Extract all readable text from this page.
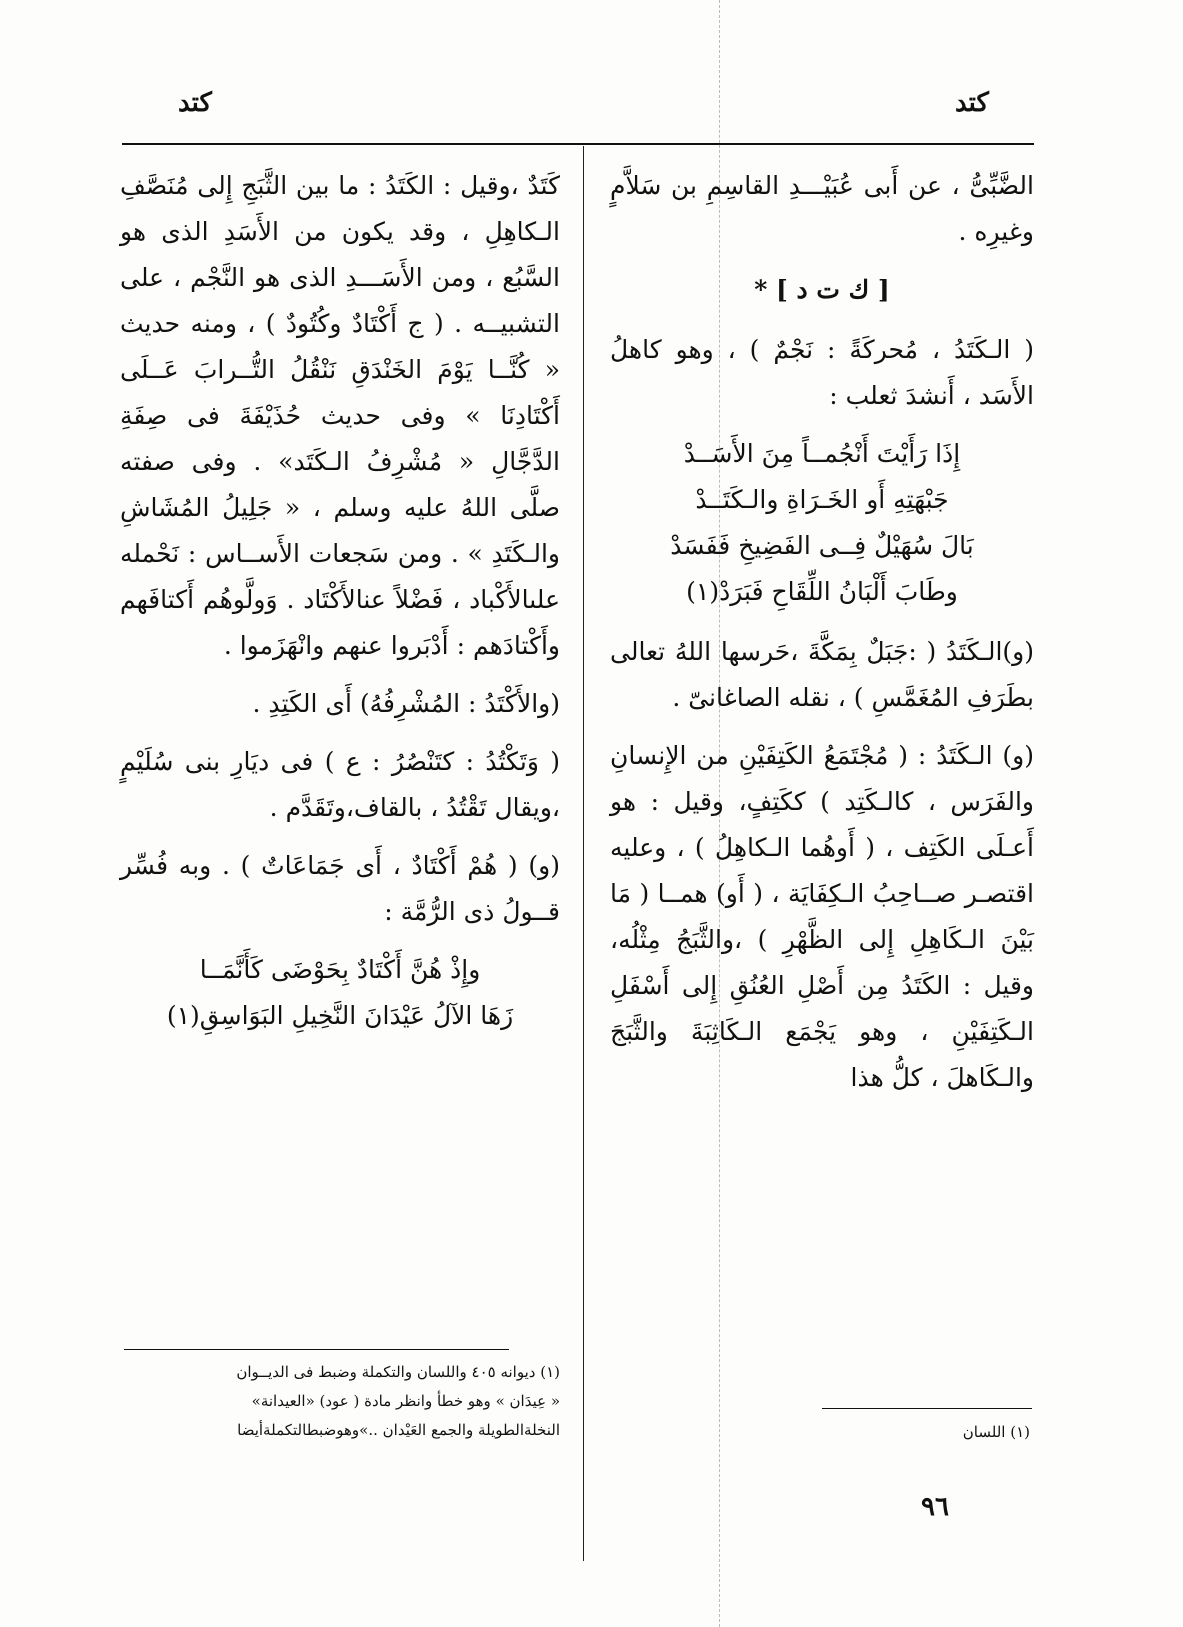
كتد
كتد

الضَّبِّىُّ ، عن أَبى عُبَيْـــدِ القاسِمِ بن سَلاَّمٍ وغيرِه .

[ ك ت د ] *

( الـكَتَدُ ، مُحركَةً : نَجْمٌ ) ، وهو كاهلُ الأَسَد ، أَنشدَ ثعلب :

إِذَا رَأَيْتَ أَنْجُمــاً مِنَ الأَسَــدْ

جَبْهَتِهِ أَو الخَـرَاةِ والـكَتَــدْ

بَالَ سُهَيْلٌ فِــى الفَضِيخِ فَفَسَدْ

وطَابَ أَلْبَانُ اللِّقَاحِ فَبَرَدْ(١)

(و)الـكَتَدُ ( :جَبَلٌ بِمَكَّةَ ،حَرسها اللهُ تعالى بطَرَفِ المُغَمَّسِ ) ، نقله الصاغانىّ .

(و) الـكَتَدُ : ( مُجْتَمَعُ الكَتِفَيْنِ من الإِنسانِ والفَرَس ، كالـكَتِد ) ككَتِفٍ، وقيل : هو أَعـلَى الكَتِف ، ( أَوهُما الـكاهِلُ ) ، وعليه اقتصـر صــاحِبُ الـكِفَايَة ، ( أَو) همــا ( مَا بَيْنَ الـكَاهِلِ إِلى الظَّهْرِ ) ،والثَّبَجُ مِثْلُه، وقيل : الكَتَدُ مِن أَصْلِ العُنُقِ إِلى أَسْفَلِ الـكَتِفَيْنِ ، وهو يَجْمَع الـكَاثِبَةَ والثَّبَجَ والـكَاهلَ ، كلُّ هذا

كَتَدٌ ،وقيل : الكَتَدُ : ما بين الثَّبَجِ إِلى مُنَصَّفِ الـكاهِلِ ، وقد يكون من الأَسَدِ الذى هو السَّبُع ، ومن الأَسَـــدِ الذى هو النَّجْم ، على التشبيــه . ( ج أَكْتَادٌ وكُتُودٌ ) ، ومنه حديث « كُنَّــا يَوْمَ الخَنْدَقِ نَنْقُلُ التُّــرابَ عَــلَى أَكْتَادِنَا » وفى حديث حُذَيْفَةَ فى صِفَةِ الدَّجَّالِ « مُشْرِفُ الـكَتَد» . وفى صفته صلَّى اللهُ عليه وسلم ، « جَلِيلُ المُشَاشِ والـكَتَدِ » . ومن سَجعات الأَســاس : نَحْمله علىالأَكْباد ، فَضْلاً عنالأَكْتَاد . وَولَّوهُم أَكتافَهم وأَكْتادَهم : أَدْبَروا عنهم وانْهَزَموا .

(والأَكْتَدُ : المُشْرِفُهُ) أَى الكَتِدِ .

( وَتَكْتُدُ : كتَنْصُرُ : ع ) فى ديَارِ بنى سُلَيْمٍ ،ويقال تَقْتُدُ ، بالقاف،وتَقَدَّم .

(و) ( هُمْ أَكْتَادٌ ، أَى جَمَاعَاتٌ ) . وبه فُسِّر قــولُ ذى الرُّمَّة :

وإِذْ هُنَّ أَكْتَادٌ بِحَوْضَى كَأَنَّمَــا

زَهَا الآلُ عَيْدَانَ النَّخِيلِ البَوَاسِقِ(١)

(١) اللسان
(١) ديوانه ٤٠٥ واللسان والتكملة وضبط فى الديــوان
« عِيدَان » وهو خطأ وانظر مادة ( عود) «العيدانة»
النخلةالطويلة والجمع العَيْدان ..»وهوضبطالتكملةأيضا
٩٦
